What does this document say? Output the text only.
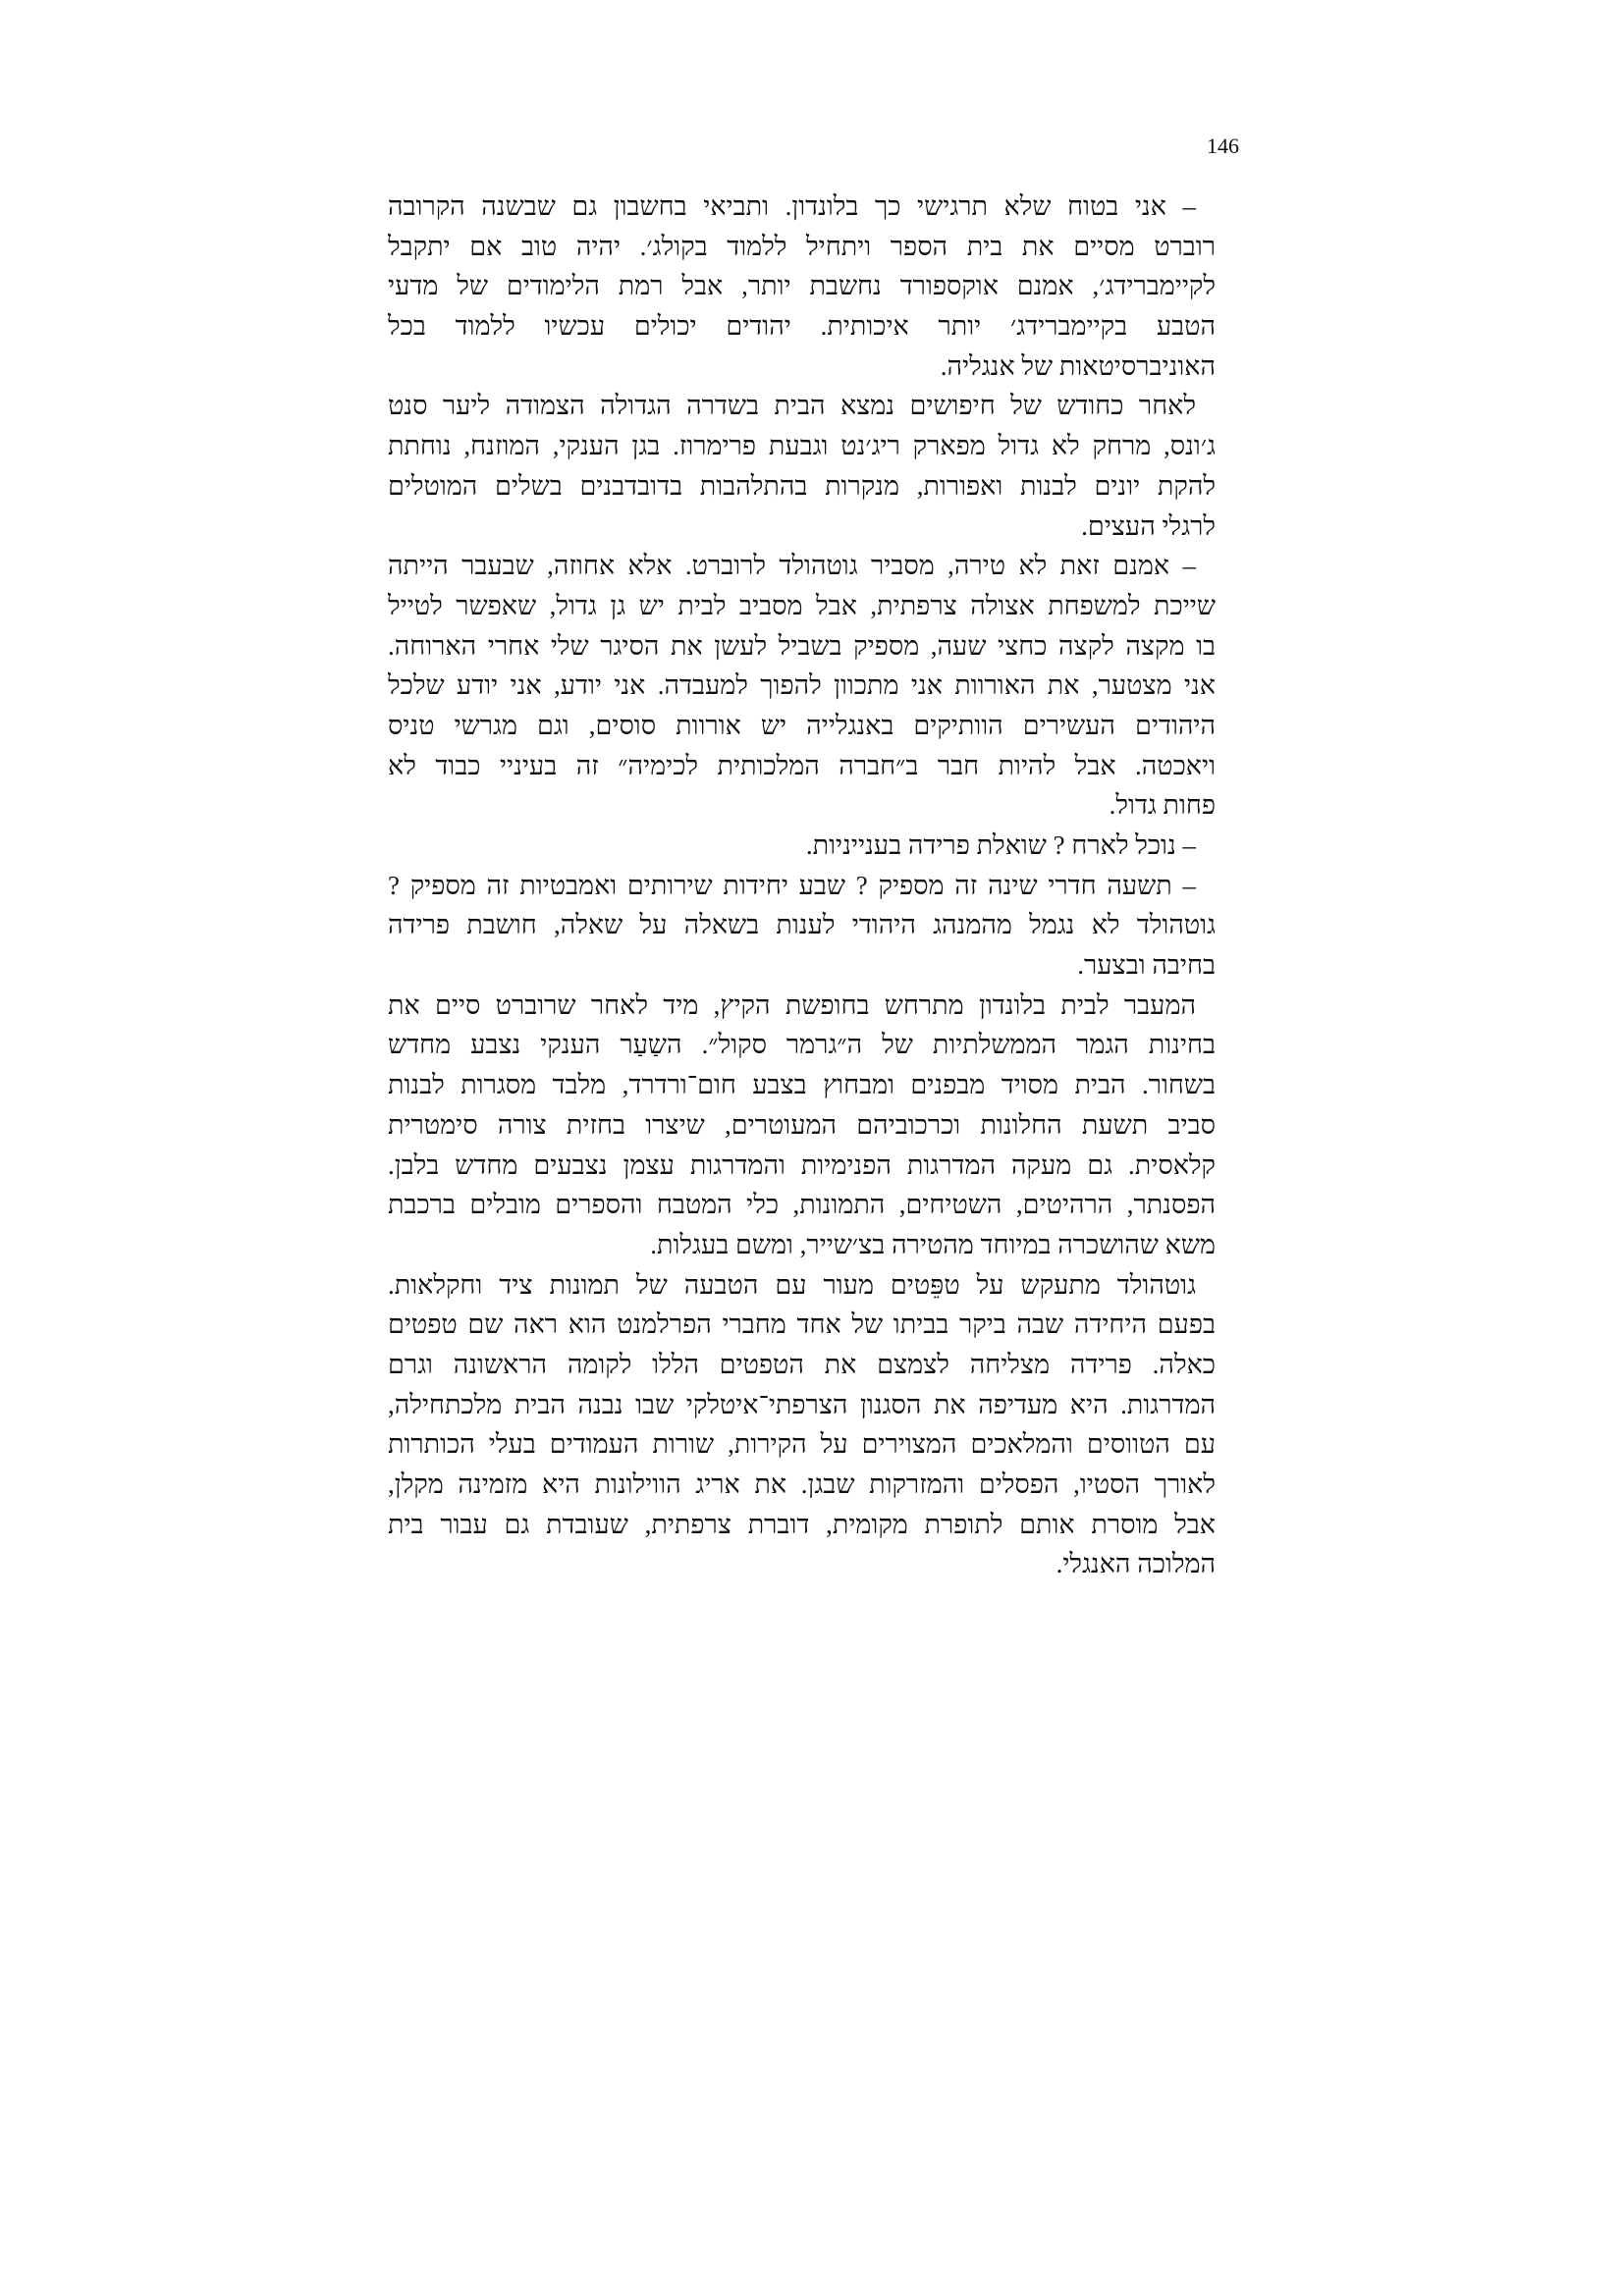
146
– אני בטוח שלא תרגישי כך בלונדון. ותביאי בחשבון גם שבשנה הקרובה
רוברט מסיים את בית הספר ויתחיל ללמוד בקולג׳. יהיה טוב אם יתקבל
לקיימברידג׳, אמנם אוקספורד נחשבת יותר, אבל רמת הלימודים של מדעי
הטבע בקיימברידג׳ יותר איכותית. יהודים יכולים עכשיו ללמוד בכל
האוניברסיטאות של אנגליה.
לאחר כחודש של חיפושים נמצא הבית בשדרה הגדולה הצמודה ליער סנט
ג׳ונס, מרחק לא גדול מפארק ריג׳נט וגבעת פרימרוז. בגן הענקי, המוזנח, נוחתת
להקת יונים לבנות ואפורות, מנקרות בהתלהבות בדובדבנים בשלים המוטלים
לרגלי העצים.
– אמנם זאת לא טירה, מסביר גוטהולד לרוברט. אלא אחוזה, שבעבר הייתה
שייכת למשפחת אצולה צרפתית, אבל מסביב לבית יש גן גדול, שאפשר לטייל
בו מקצה לקצה כחצי שעה, מספיק בשביל לעשן את הסיגר שלי אחרי הארוחה.
אני מצטער, את האורוות אני מתכוון להפוך למעבדה. אני יודע, אני יודע שלכל
היהודים העשירים הוותיקים באנגלייה יש אורוות סוסים, וגם מגרשי טניס
ויאכטה. אבל להיות חבר ב״חברה המלכותית לכימיה״ זה בעיניי כבוד לא
פחות גדול.
– נוכל לארח ? שואלת פרידה בענייניות.
– תשעה חדרי שינה זה מספיק ? שבע יחידות שירותים ואמבטיות זה מספיק ?
גוטהולד לא נגמל מהמנהג היהודי לענות בשאלה על שאלה, חושבת פרידה
בחיבה ובצער.
המעבר לבית בלונדון מתרחש בחופשת הקיץ, מיד לאחר שרוברט סיים את
בחינות הגמר הממשלתיות של ה״גרמר סקול״. השַעַר הענקי נצבע מחדש
בשחור. הבית מסויד מבפנים ומבחוץ בצבע חום־ורדרד, מלבד מסגרות לבנות
סביב תשעת החלונות וכרכוביהם המעוטרים, שיצרו בחזית צורה סימטרית
קלאסית. גם מעקה המדרגות הפנימיות והמדרגות עצמן נצבעים מחדש בלבן.
הפסנתר, הרהיטים, השטיחים, התמונות, כלי המטבח והספרים מובלים ברכבת
משא שהושכרה במיוחד מהטירה בצ׳שייר, ומשם בעגלות.
גוטהולד מתעקש על טפֵּטים מעור עם הטבעה של תמונות ציד וחקלאות.
בפעם היחידה שבה ביקר בביתו של אחד מחברי הפרלמנט הוא ראה שם טפטים
כאלה. פרידה מצליחה לצמצם את הטפטים הללו לקומה הראשונה וגרם
המדרגות. היא מעדיפה את הסגנון הצרפתי־איטלקי שבו נבנה הבית מלכתחילה,
עם הטווסים והמלאכים המצוירים על הקירות, שורות העמודים בעלי הכותרות
לאורך הסטיו, הפסלים והמזרקות שבגן. את אריג הווילונות היא מזמינה מקלן,
אבל מוסרת אותם לתופרת מקומית, דוברת צרפתית, שעובדת גם עבור בית
המלוכה האנגלי.
